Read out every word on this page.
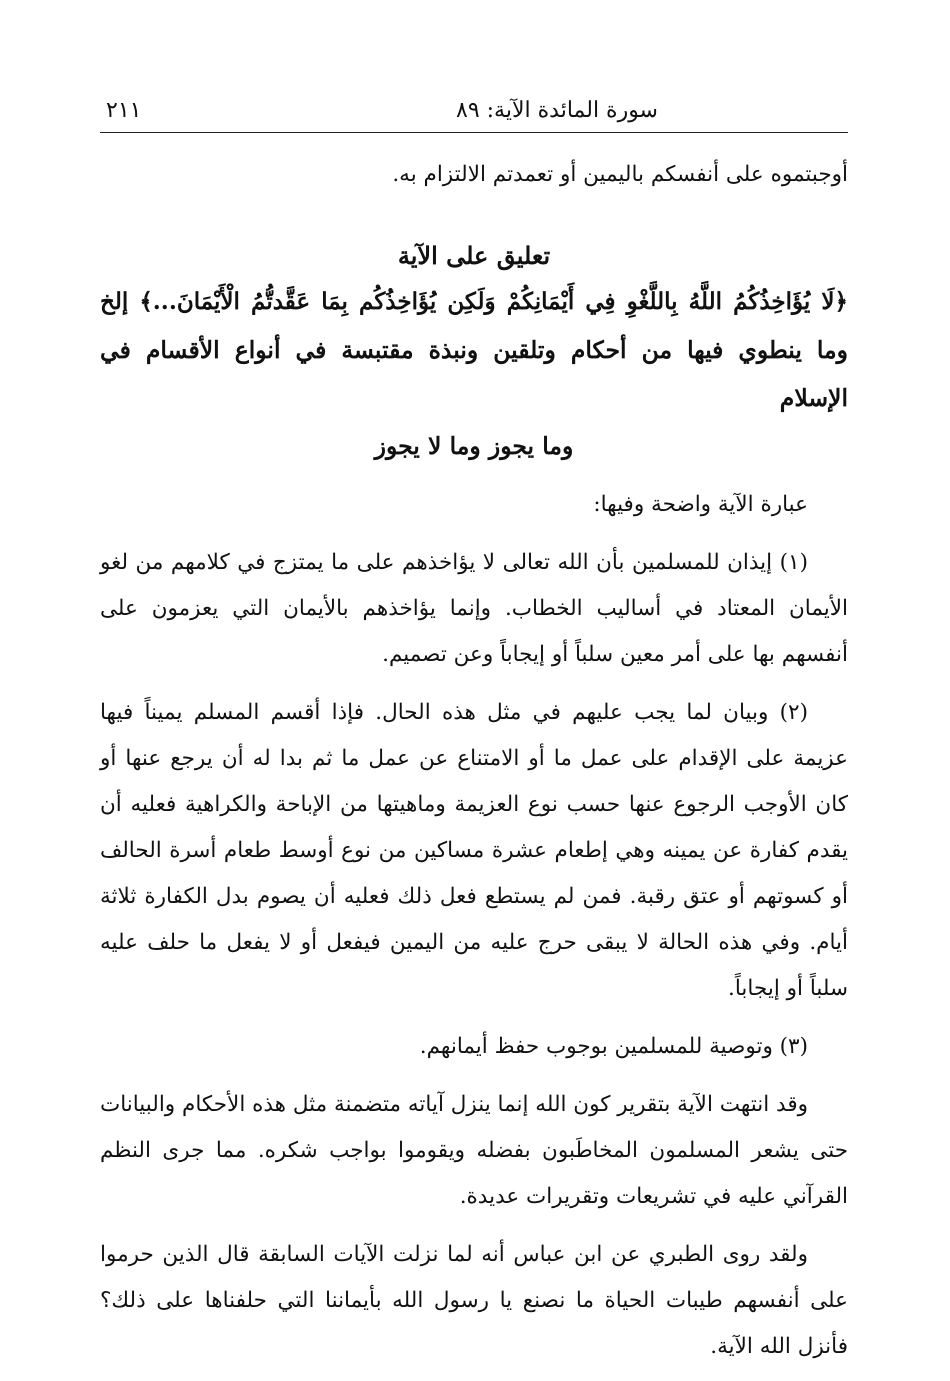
سورة المائدة الآية: ٨٩
٢١١

أوجبتموه على أنفسكم باليمين أو تعمدتم الالتزام به.

تعليق على الآية

﴿لَا يُؤَاخِذُكُمُ اللَّهُ بِاللَّغْوِ فِي أَيْمَانِكُمْ وَلَكِن يُؤَاخِذُكُم بِمَا عَقَّدتُّمُ الْأَيْمَانَ...﴾ إلخ

وما ينطوي فيها من أحكام وتلقين ونبذة مقتبسة في أنواع الأقسام في الإسلام

وما يجوز وما لا يجوز

عبارة الآية واضحة وفيها:

(١) إيذان للمسلمين بأن الله تعالى لا يؤاخذهم على ما يمتزج في كلامهم من لغو الأيمان المعتاد في أساليب الخطاب. وإنما يؤاخذهم بالأيمان التي يعزمون على أنفسهم بها على أمر معين سلباً أو إيجاباً وعن تصميم.

(٢) وبيان لما يجب عليهم في مثل هذه الحال. فإذا أقسم المسلم يميناً فيها عزيمة على الإقدام على عمل ما أو الامتناع عن عمل ما ثم بدا له أن يرجع عنها أو كان الأوجب الرجوع عنها حسب نوع العزيمة وماهيتها من الإباحة والكراهية فعليه أن يقدم كفارة عن يمينه وهي إطعام عشرة مساكين من نوع أوسط طعام أسرة الحالف أو كسوتهم أو عتق رقبة. فمن لم يستطع فعل ذلك فعليه أن يصوم بدل الكفارة ثلاثة أيام. وفي هذه الحالة لا يبقى حرج عليه من اليمين فيفعل أو لا يفعل ما حلف عليه سلباً أو إيجاباً.

(٣) وتوصية للمسلمين بوجوب حفظ أيمانهم.

وقد انتهت الآية بتقرير كون الله إنما ينزل آياته متضمنة مثل هذه الأحكام والبيانات حتى يشعر المسلمون المخاطَبون بفضله ويقوموا بواجب شكره. مما جرى النظم القرآني عليه في تشريعات وتقريرات عديدة.

ولقد روى الطبري عن ابن عباس أنه لما نزلت الآيات السابقة قال الذين حرموا على أنفسهم طيبات الحياة ما نصنع يا رسول الله بأيماننا التي حلفناها على ذلك؟ فأنزل الله الآية.
